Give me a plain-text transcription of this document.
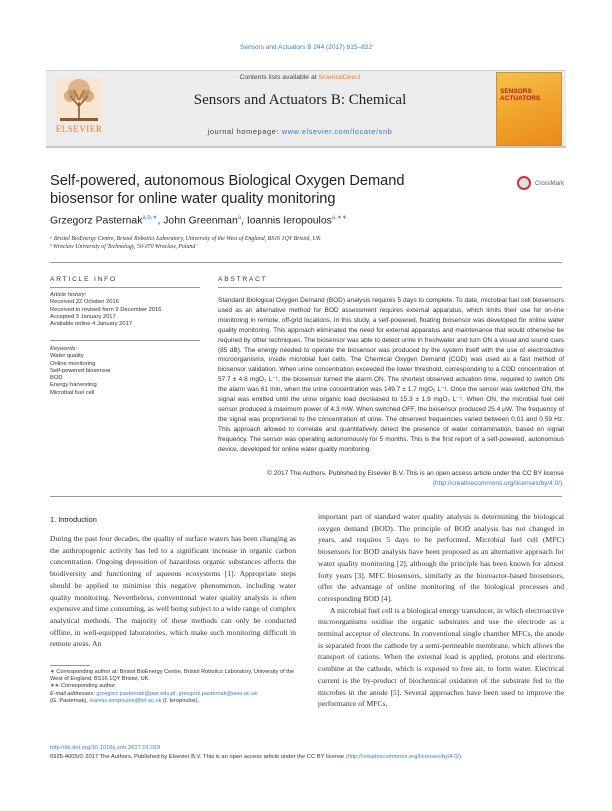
Sensors and Actuators B 244 (2017) 815–822
ELSEVIER
Contents lists available at ScienceDirect
Sensors and Actuators B: Chemical
journal homepage: www.elsevier.com/locate/snb
SENSORS ACTUATORS
Self-powered, autonomous Biological Oxygen Demand biosensor for online water quality monitoring
CrossMark
Grzegorz Pasternak$^{a,b,∗}$, John Greenman$^a$, Ioannis Ieropoulos$^{a,∗∗}$
ᵃ Bristol BioEnergy Centre, Bristol Robotics Laboratory, University of the West of England, BS16 1QY Bristol, UK
ᵇ Wroclaw University of Technology, 50-370 Wroclaw, Poland
ARTICLE INFO	ABSTRACT
Article history:
Received 22 October 2016
Received in revised form 9 December 2016
Accepted 3 January 2017
Available online 4 January 2017
Keywords:
Water quality
Online monitoring
Self-powered biosensor
BOD
Energy harvesting
Microbial fuel cell
Standard Biological Oxygen Demand (BOD) analysis requires 5 days to complete. To date, microbial fuel cell biosensors used as an alternative method for BOD assessment requires external apparatus, which limits their use for on-line monitoring in remote, off-grid locations. In this study, a self-powered, floating biosensor was developed for online water quality monitoring. This approach eliminated the need for external apparatus and maintenance that would otherwise be required by other techniques. The biosensor was able to detect urine in freshwater and turn ON a visual and sound cues (85 dB). The energy needed to operate the biosensor was produced by the system itself with the use of electroactive microorganisms, inside microbial fuel cells. The Chemical Oxygen Demand (COD) was used as a fast method of biosensor validation. When urine concentration exceeded the lower threshold, corresponding to a COD concentration of 57.7 ± 4.8 mgO₂ L⁻¹, the biosensor turned the alarm ON. The shortest observed actuation time, required to switch ON the alarm was 61 min, when the urine concentration was 149.7 ± 1.7 mgO₂ L⁻¹. Once the sensor was switched ON, the signal was emitted until the urine organic load decreased to 15.3 ± 1.9 mgO₂ L⁻¹. When ON, the microbial fuel cell sensor produced a maximum power of 4.3 mW. When switched OFF, the biosensor produced 25.4 μW. The frequency of the signal was proportional to the concentration of urine. The observed frequencies varied between 0.01 and 0.59 Hz. This approach allowed to correlate and quantitatively detect the presence of water contamination, based on signal frequency. The sensor was operating autonomously for 5 months. This is the first report of a self-powered, autonomous device, developed for online water quality monitoring.
© 2017 The Authors. Published by Elsevier B.V. This is an open access article under the CC BY license
(http://creativecommons.org/licenses/by/4.0/).
1. Introduction
During the past four decades, the quality of surface waters has been changing as the anthropogenic activity has led to a significant increase in organic carbon concentration. Ongoing deposition of hazardous organic substances affects the biodiversity and functioning of aqueous ecosystems [1]. Appropriate steps should be applied to minimise this negative phenomenon, including water quality monitoring. Nevertheless, conventional water quality analysis is often expensive and time consuming, as well being subject to a wide range of complex analytical methods. The majority of these methods can only be conducted offline, in well-equipped laboratories, which make such monitoring difficult in remote areas. An
important part of standard water quality analysis is determining the biological oxygen demand (BOD). The principle of BOD analysis has not changed in years, and requires 5 days to be performed. Microbial fuel cell (MFC) biosensors for BOD analysis have been proposed as an alternative approach for water quality monitoring [2], although the principle has been known for almost forty years [3]. MFC biosensors, similarly as the bioreactor-based biosensors, offer the advantage of online monitoring of the biological processes and corresponding BOD [4].
A microbial fuel cell is a biological energy transducer, in which electroactive microorganisms oxidise the organic substrates and use the electrode as a terminal acceptor of electrons. In conventional single chamber MFCs, the anode is separated from the cathode by a semi-permeable membrane, which allows the transport of cations. When the external load is applied, protons and electrons combine at the cathode, which is exposed to free air, to form water. Electrical current is the by-product of biochemical oxidation of the substrate fed to the microbes in the anode [5]. Several approaches have been used to improve the performance of MFCs,
∗ Corresponding author at: Bristol BioEnergy Centre, Bristol Robotics Laboratory, University of the West of England, BS16 1QY Bristol, UK.
∗∗ Corresponding author.
E-mail addresses: grzegorz.pasternak@pwr.edu.pl, grzegorz.pasternak@uwe.ac.uk
(G. Pasternak), ioannis.ieropoulos@brl.ac.uk (I. Ieropoulos).
http://dx.doi.org/10.1016/j.snb.2017.01.019
0925-4005/© 2017 The Authors. Published by Elsevier B.V. This is an open access article under the CC BY license (http://creativecommons.org/licenses/by/4.0/).
